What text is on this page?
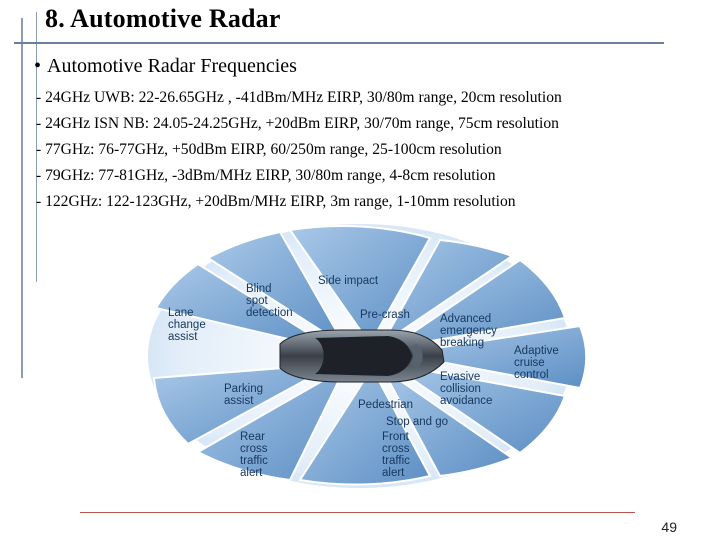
8. Automotive Radar
• Automotive Radar Frequencies
- 24GHz UWB: 22-26.65GHz , -41dBm/MHz EIRP, 30/80m range, 20cm resolution
- 24GHz ISN NB: 24.05-24.25GHz, +20dBm EIRP, 30/70m range, 75cm resolution
- 77GHz: 76-77GHz, +50dBm EIRP, 60/250m range, 25-100cm resolution
- 79GHz: 77-81GHz, -3dBm/MHz EIRP, 30/80m range, 4-8cm resolution
- 122GHz: 122-123GHz, +20dBm/MHz EIRP, 3m range, 1-10mm resolution
Blind spot detection
Side impact
Lane change assist
Pre-crash	Advanced emergency breaking
Adaptive cruise control
Evasive collision avoidance
Parking assist	Pedestrian
Stop and go
Rear cross traffic alert
Front cross traffic alert
49
